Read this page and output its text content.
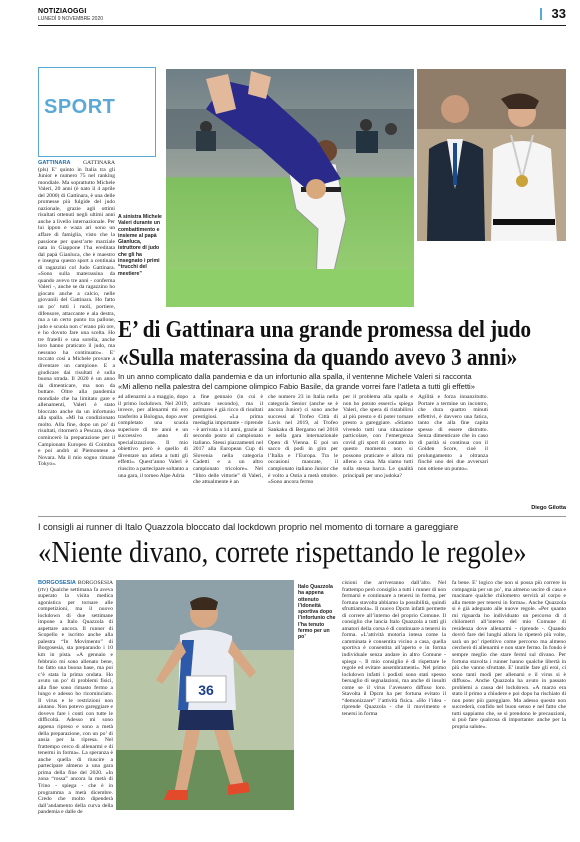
NOTIZIAOGGI
LUNEDÌ 9 NOVEMBRE 2020	33
SPORT
GATTINARA GATTINARA (pls) E’ quinto in Italia tra gli Junior e numero 75 nel ranking mondiale. Ma soprattutto Michele Valeri, 20 anni (è nato il 4 aprile del 2000) di Gattinara, è una delle promesse più fulgide del judo nazionale, grazie agli ottimi risultati ottenuti negli ultimi anni anche a livello internazionale. Per lui ippon e waza ari sono un affare di famiglia, visto che la passione per quest’arte marziale nata in Giappone l’ha ereditata dal papà Gianluca, che è maestro e insegna questo sport a centinaia di ragazzini col Judo Gattinara. «Sono sulla materassina da quando avevo tre anni - conferma Valeri -, anche se da ragazzino ho giocato anche a calcio, nelle giovanili del Gattinara. Ho fatto un po’ tutti i ruoli, portiere, difensore, attaccante e ala destra, ma a un certo punto tra pallone, judo e scuola non c’erano più ore, e ho dovuto fare una scelta. Ho tre fratelli e una sorella, anche loro hanno praticato il judo, ma nessuno ha continuato». E’ toccato così a Michele provare a diventare un campione. E a giudicare dai risultati è sulla buona strada. Il 2020 è un anno da dimenticare, ma non da buttare. Oltre alla pandemia mondiale che ha limitato gare e allenamenti, Valeri è stato bloccato anche da un infortunio alla spalla. «Mi ha condizionato molto. Alla fine, dopo un po’ di risultati, ritornerò a Pescara, dove comincerò la preparazione per il Campionato Europeo di Coimbra e poi andrò al Piemontese a Novara. Ma il mio sogno rimane Tokyo».
A sinistra Michele Valeri durante un combattimento e insieme al papà Gianluca, istruttore di judo che gli ha insegnato i primi “trucchi del mestiere”
E’ di Gattinara una grande promessa del judo
«Sulla materassina da quando avevo 3 anni»
In un anno complicato dalla pandemia e da un infortunio alla spalla, il ventenne Michele Valeri si racconta
«Mi alleno nella palestra del campione olimpico Fabio Basile, da grande vorrei fare l’atleta a tutti gli effetti»
ad allenarmi a a maggio, dopo il primo lockdown. Nel 2019, invece, per allenarmi mi ero trasferito a Bologna, dopo aver completato una scuola superiore di tre anni e un successivo anno di specializzazione. Il mio obiettivo però è quello di diventare un atleta a tutti gli effetti». Quest’anno Valeri è riuscito a partecipare soltanto a una gara, il torneo Alpe Adria
a fine gennaio (in cui è arrivato secondo), ma il palmares è già ricco di risultati prestigiosi. «La prima medaglia importante - riprende - è arrivata a 14 anni, grazie al secondo posto al campionato italiano. Stessi piazzamenti nel 2017 alla European Cup di Slovenia nella categoria Cadetti e a un altro campionato tricolore». Nel “libro delle vittorie” di Valeri, che attualmente è an
che numero 23 in Italia nella categoria Senior (anche se è ancora Junior) ci sono anche successi al Trofeo Città di Lavis nel 2019, al Trofeo Sankaku di Bergamo nel 2018 e nella gara internazionale Open di Vienna. E poi un sacco di podi in giro per l’Italia e l’Europa. Tra le occasioni mancate, il campionato italiano Junior che è volto a Ostia a metà ottobre. «Sono ancora fermo
per il problema alla spalla e non ho potuto esserci» spiega Valeri, che spera di ristabilirsi al più presto e di poter tornare presto a gareggiare. «Stiamo vivendo tutti una situazione particolare, con l’emergenza covid gli sport di contatto in questo momento non si possono praticare e allora mi alleno a casa. Ma siamo tutti sulla stessa barca. Le qualità principali per uno judoka?
Agilità e forza innanzitutto. Portare a termine un incontro, che dura quattro minuti effettivi, è davvero una fatica, tanto che alla fine capita spesso di essere distrutto. Senza dimenticare che in caso di parità si continua con il Golden Score, cioè il prolungamento a oltranza finché uno dei due avversari non ottiene un punto».
Diego Gilotta
I consigli ai runner di Italo Quazzola bloccato dal lockdown proprio nel momento di tornare a gareggiare
«Niente divano, correte rispettando le regole»
BORGOSESIA BORGOSESIA (rtv) Qualche settimana fa aveva superato la visita medica agonistica per tornare alle competizioni, ma il nuovo lockdown di due settimane impone a Italo Quazzola di aspettare ancora. Il runner di Scopello e iscritto anche alla palestra “In Movimento” di Borgosesia, sta preparando i 10 km in pista. «A gennaio e febbraio mi sono allenato bene, ho fatto una buona base, ma poi c’è stata la prima ondata. Ho avuto un po’ di problemi fisici, alla fine sono rimasto fermo a lungo e adesso ho ricominciato. Il virus e le restrizioni non aiutano. Non potevo gareggiare e dovevo fare i conti con tutte le difficoltà. Adesso mi sono appena ripreso e sono a metà della preparazione, con un po’ di ansia per la ripresa. Nel frattempo cerco di allenarmi e di tenermi in forma». La speranza è anche quella di riuscire a partecipare almeno a una gara prima della fine del 2020. «In zona “rossa” ancora la metà di Trino - spiega - che è in programma a metà dicembre. Credo che molto dipenderà dall’andamento della curva della pandemia e dalle de
36
Italo Quazzola ha appena ottenuto l’idoneità sportiva dopo l’infortunio che l’ha tenuto fermo per un po’
cisioni che arriveranno dall’alto. Nel frattempo però consiglio a tutti i runner di non fermarsi e continuare a tenersi in forma, per fortuna stavolta abbiamo la possibilità, quindi sfruttiamola». Il nuovo Dpcm infatti permette di correre all’interno del proprio Comune. Il consiglio che lancia Italo Quazzola a tutti gli amatori della corsa è di continuare a tenersi in forma. «L’attività motoria intesa come la camminata è consentita vicino a casa, quella sportiva è consentita all’aperto e in forma individuale senza andare in altro Comune - spiega -. Il mio consiglio è di rispettare le regole ed evitare assembramenti». Nel primo lockdown infatti i podisti sono stati spesso bersaglio di segnalazioni, ma anche di insulti come se il virus l’avessero diffuso loro. Stavolta il Dpcm ha per fortuna evitato il “demonizzare” l’attività fisica. «Ho l’idea - riprende Quazzola - che il movimento e tenersi in forma
fa bene. E’ logico che non si possa più correre in compagnia per un po’, ma almeno uscire di casa e macinare qualche chilometro servirà al corpo e alla mente per tenersi in forma». Anche Quazzola si è già adeguato alle nuove regole. «Per quanto mi riguarda ho individuato un percorso di 4 chilometri all’interno del mio Comune di residenza dove allenarmi - riprende -. Quando dovrò fare dei lunghi allora lo ripeterò più volte, sarà un po’ ripetitivo come percorso ma almeno cercherò di allenarmi e non stare fermo. In fondo è sempre meglio che stare fermi sul divano. Per fortuna stavolta i runner hanno qualche libertà in più che vanno sfruttate. E’ inutile fare gli eroi, ci sono tanti modi per allenarsi e il virus si è diffuso». Anche Quazzola ha avuto in passato problemi a causa del lockdown. «A marzo era stato il primo a chiudere e poi dopo ha rischiato di non poter più gareggiare. Ma adesso questo non succederà, confido nel buon senso e nel fatto che tutti sappiamo che, se si prendono le precauzioni, si può fare qualcosa di importante: anche per la propria salute».
